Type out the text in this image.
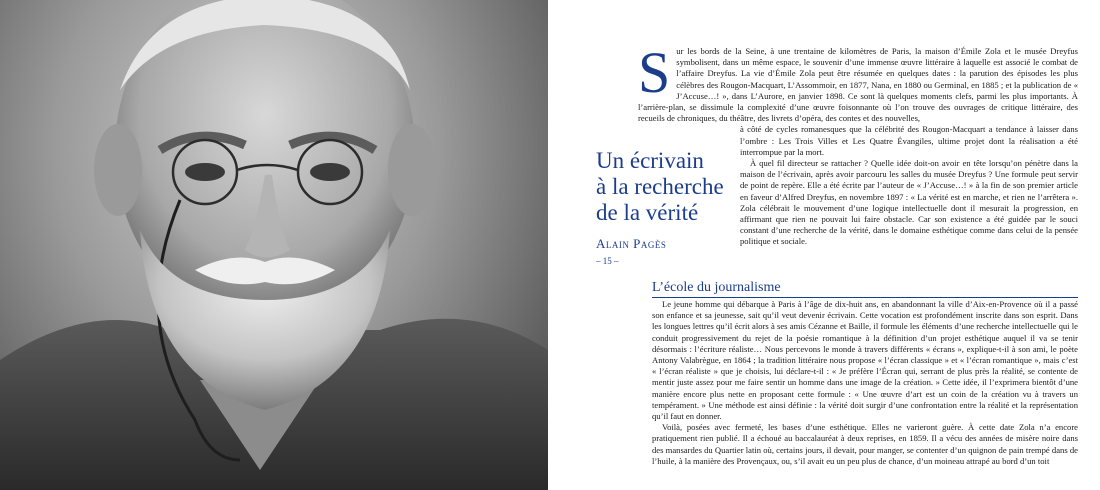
Un écrivain
à la recherche
de la vérité
Alain Pagès
– 15 –
S ur les bords de la Seine, à une trentaine de kilomètres de Paris, la maison d’Émile Zola et le musée Dreyfus symbolisent, dans un même espace, le souvenir d’une immense œuvre littéraire à laquelle est associé le combat de l’affaire Dreyfus. La vie d’Émile Zola peut être résumée en quelques dates : la parution des épisodes les plus célèbres des Rougon-Macquart, L’Assommoir, en 1877, Nana, en 1880 ou Germinal, en 1885 ; et la publication de « J’Accuse…! », dans L’Aurore, en janvier 1898. Ce sont là quelques moments clefs, parmi les plus importants. À l’arrière-plan, se dissimule la complexité d’une œuvre foisonnante où l’on trouve des ouvrages de critique littéraire, des recueils de chroniques, du théâtre, des livrets d’opéra, des contes et des nouvelles,

à côté de cycles romanesques que la célébrité des Rougon-Macquart a tendance à laisser dans l’ombre : Les Trois Villes et Les Quatre Évangiles, ultime projet dont la réalisation a été interrompue par la mort.

À quel fil directeur se rattacher ? Quelle idée doit-on avoir en tête lorsqu’on pénètre dans la maison de l’écrivain, après avoir parcouru les salles du musée Dreyfus ? Une formule peut servir de point de repère. Elle a été écrite par l’auteur de « J’Accuse…! » à la fin de son premier article en faveur d’Alfred Dreyfus, en novembre 1897 : « La vérité est en marche, et rien ne l’arrêtera ». Zola célébrait le mouvement d’une logique intellectuelle dont il mesurait la progression, en affirmant que rien ne pouvait lui faire obstacle. Car son existence a été guidée par le souci constant d’une recherche de la vérité, dans le domaine esthétique comme dans celui de la pensée politique et sociale.

L’école du journalisme

Le jeune homme qui débarque à Paris à l’âge de dix-huit ans, en abandonnant la ville d’Aix-en-Provence où il a passé son enfance et sa jeunesse, sait qu’il veut devenir écrivain. Cette vocation est profondément inscrite dans son esprit. Dans les longues lettres qu’il écrit alors à ses amis Cézanne et Baille, il formule les éléments d’une recherche intellectuelle qui le conduit progressivement du rejet de la poésie romantique à la définition d’un projet esthétique auquel il va se tenir désormais : l’écriture réaliste… Nous percevons le monde à travers différents « écrans », explique-t-il à son ami, le poète Antony Valabrègue, en 1864 ; la tradition littéraire nous propose « l’écran classique » et « l’écran romantique », mais c’est « l’écran réaliste » que je choisis, lui déclare-t-il : « Je préfère l’Écran qui, serrant de plus près la réalité, se contente de mentir juste assez pour me faire sentir un homme dans une image de la création. » Cette idée, il l’exprimera bientôt d’une manière encore plus nette en proposant cette formule : « Une œuvre d’art est un coin de la création vu à travers un tempérament. » Une méthode est ainsi définie : la vérité doit surgir d’une confrontation entre la réalité et la représentation qu’il faut en donner.

Voilà, posées avec fermeté, les bases d’une esthétique. Elles ne varieront guère. À cette date Zola n’a encore pratiquement rien publié. Il a échoué au baccalauréat à deux reprises, en 1859. Il a vécu des années de misère noire dans des mansardes du Quartier latin où, certains jours, il devait, pour manger, se contenter d’un quignon de pain trempé dans de l’huile, à la manière des Provençaux, ou, s’il avait eu un peu plus de chance, d’un moineau attrapé au bord d’un toit
